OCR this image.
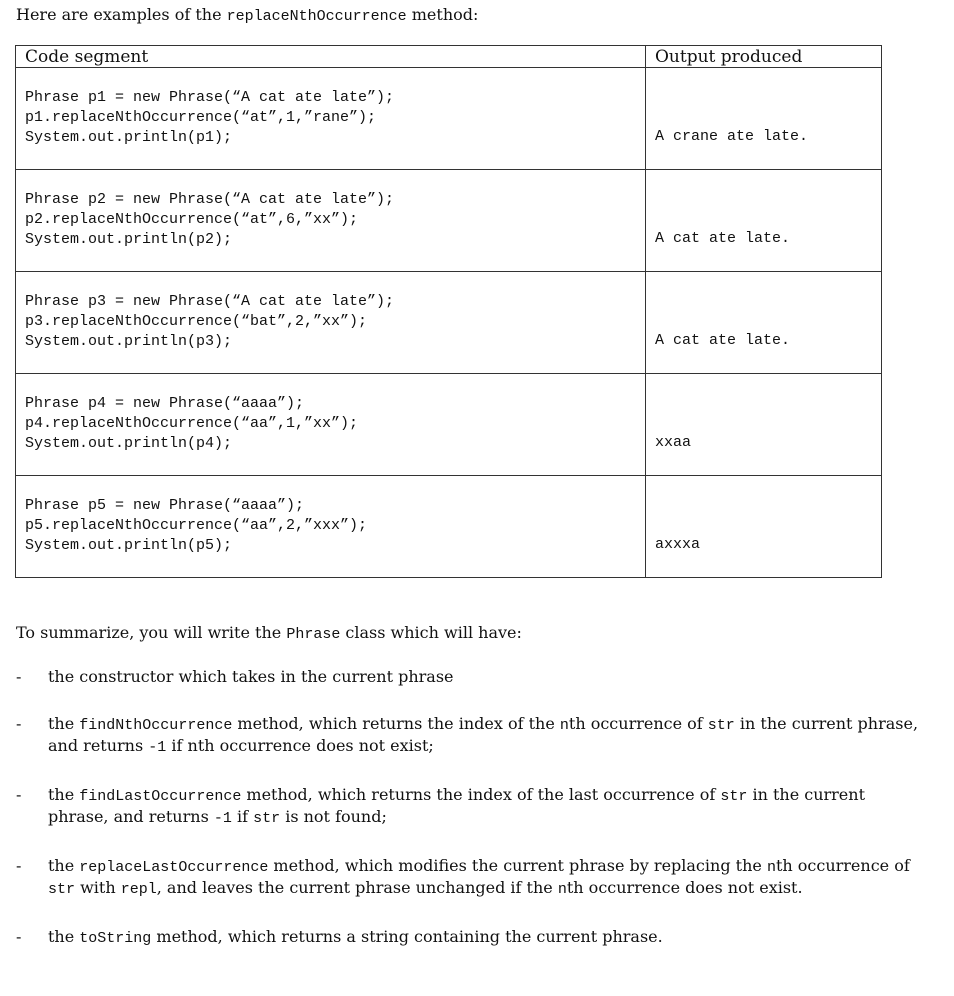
Here are examples of the replaceNthOccurrence method:

Code segment	Output produced

Phrase p1 = new Phrase(“A cat ate late”);
p1.replaceNthOccurrence(“at”,1,”rane”);
System.out.println(p1);	A crane ate late.

Phrase p2 = new Phrase(“A cat ate late”);
p2.replaceNthOccurrence(“at”,6,”xx”);
System.out.println(p2);	A cat ate late.

Phrase p3 = new Phrase(“A cat ate late”);
p3.replaceNthOccurrence(“bat”,2,”xx”);
System.out.println(p3);	A cat ate late.

Phrase p4 = new Phrase(“aaaa”);
p4.replaceNthOccurrence(“aa”,1,”xx”);
System.out.println(p4);	xxaa

Phrase p5 = new Phrase(“aaaa”);
p5.replaceNthOccurrence(“aa”,2,”xxx”);
System.out.println(p5);	axxxa

To summarize, you will write the Phrase class which will have:

- the constructor which takes in the current phrase
- the findNthOccurrence method, which returns the index of the nth occurrence of str in the current phrase, and returns -1 if nth occurrence does not exist;
- the findLastOccurrence method, which returns the index of the last occurrence of str in the current phrase, and returns -1 if str is not found;
- the replaceLastOccurrence method, which modifies the current phrase by replacing the nth occurrence of str with repl, and leaves the current phrase unchanged if the nth occurrence does not exist.
- the toString method, which returns a string containing the current phrase.
